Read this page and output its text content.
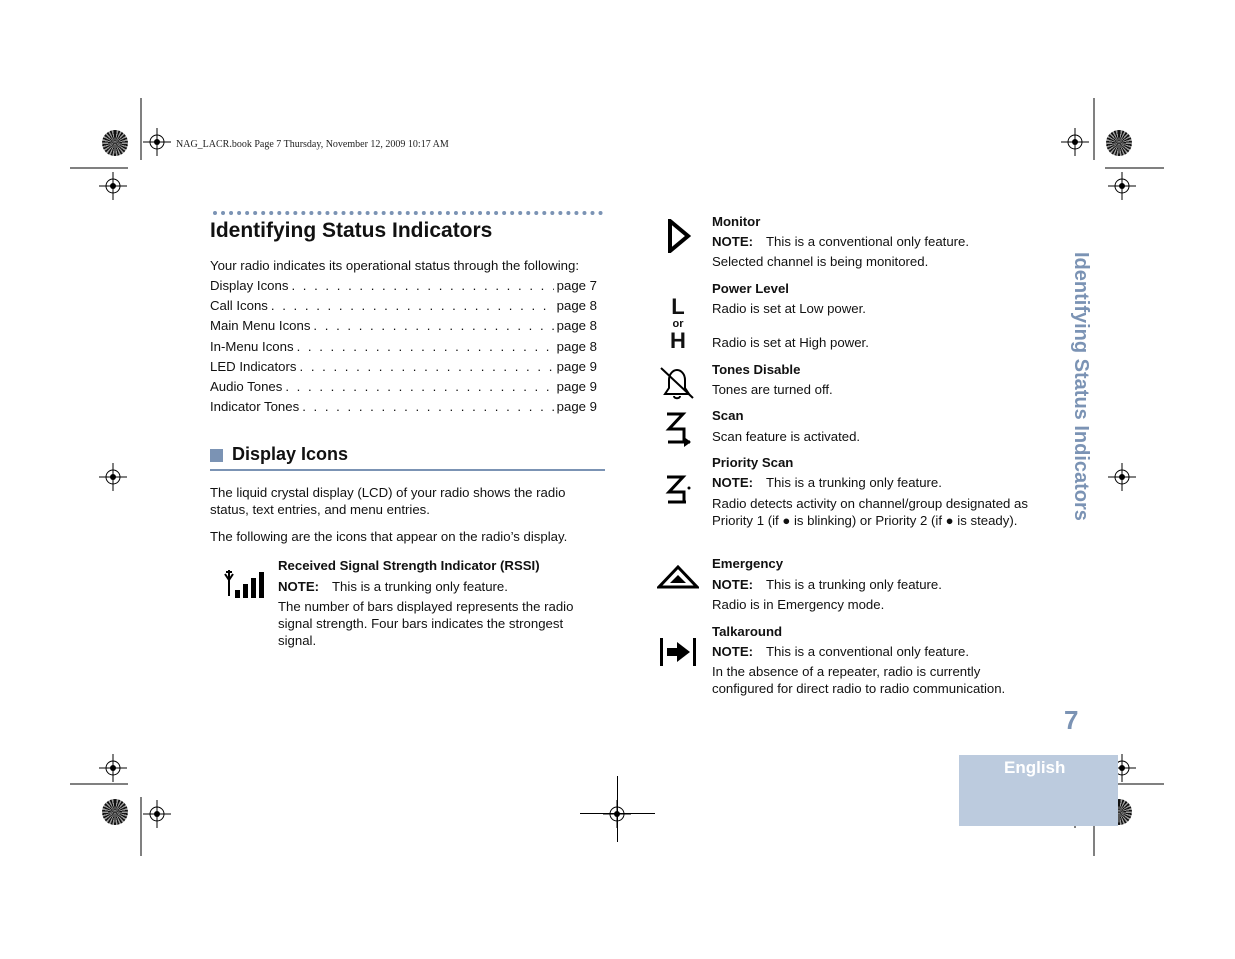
NAG_LACR.book Page 7 Thursday, November 12, 2009 10:17 AM
Identifying Status Indicators
Your radio indicates its operational status through the following:
Display Icons . . .	page 7
Call Icons . . .	page 8
Main Menu Icons . . .	page 8
In-Menu Icons . . .	page 8
LED Indicators . . .	page 9
Audio Tones . . .	page 9
Indicator Tones . . .	page 9
Display Icons
The liquid crystal display (LCD) of your radio shows the radio status, text entries, and menu entries.
The following are the icons that appear on the radio’s display.
Received Signal Strength Indicator (RSSI)
NOTE: This is a trunking only feature.
The number of bars displayed represents the radio signal strength. Four bars indicates the strongest signal.
Monitor
NOTE: This is a conventional only feature.
Selected channel is being monitored.
L
or
H
Power Level
Radio is set at Low power.
Radio is set at High power.
Tones Disable
Tones are turned off.
Scan
Scan feature is activated.
Priority Scan
NOTE: This is a trunking only feature.
Radio detects activity on channel/group designated as Priority 1 (if ● is blinking) or Priority 2 (if ● is steady).
Emergency
NOTE: This is a trunking only feature.
Radio is in Emergency mode.
Talkaround
NOTE: This is a conventional only feature.
In the absence of a repeater, radio is currently configured for direct radio to radio communication.
Identifying Status Indicators
7
English
